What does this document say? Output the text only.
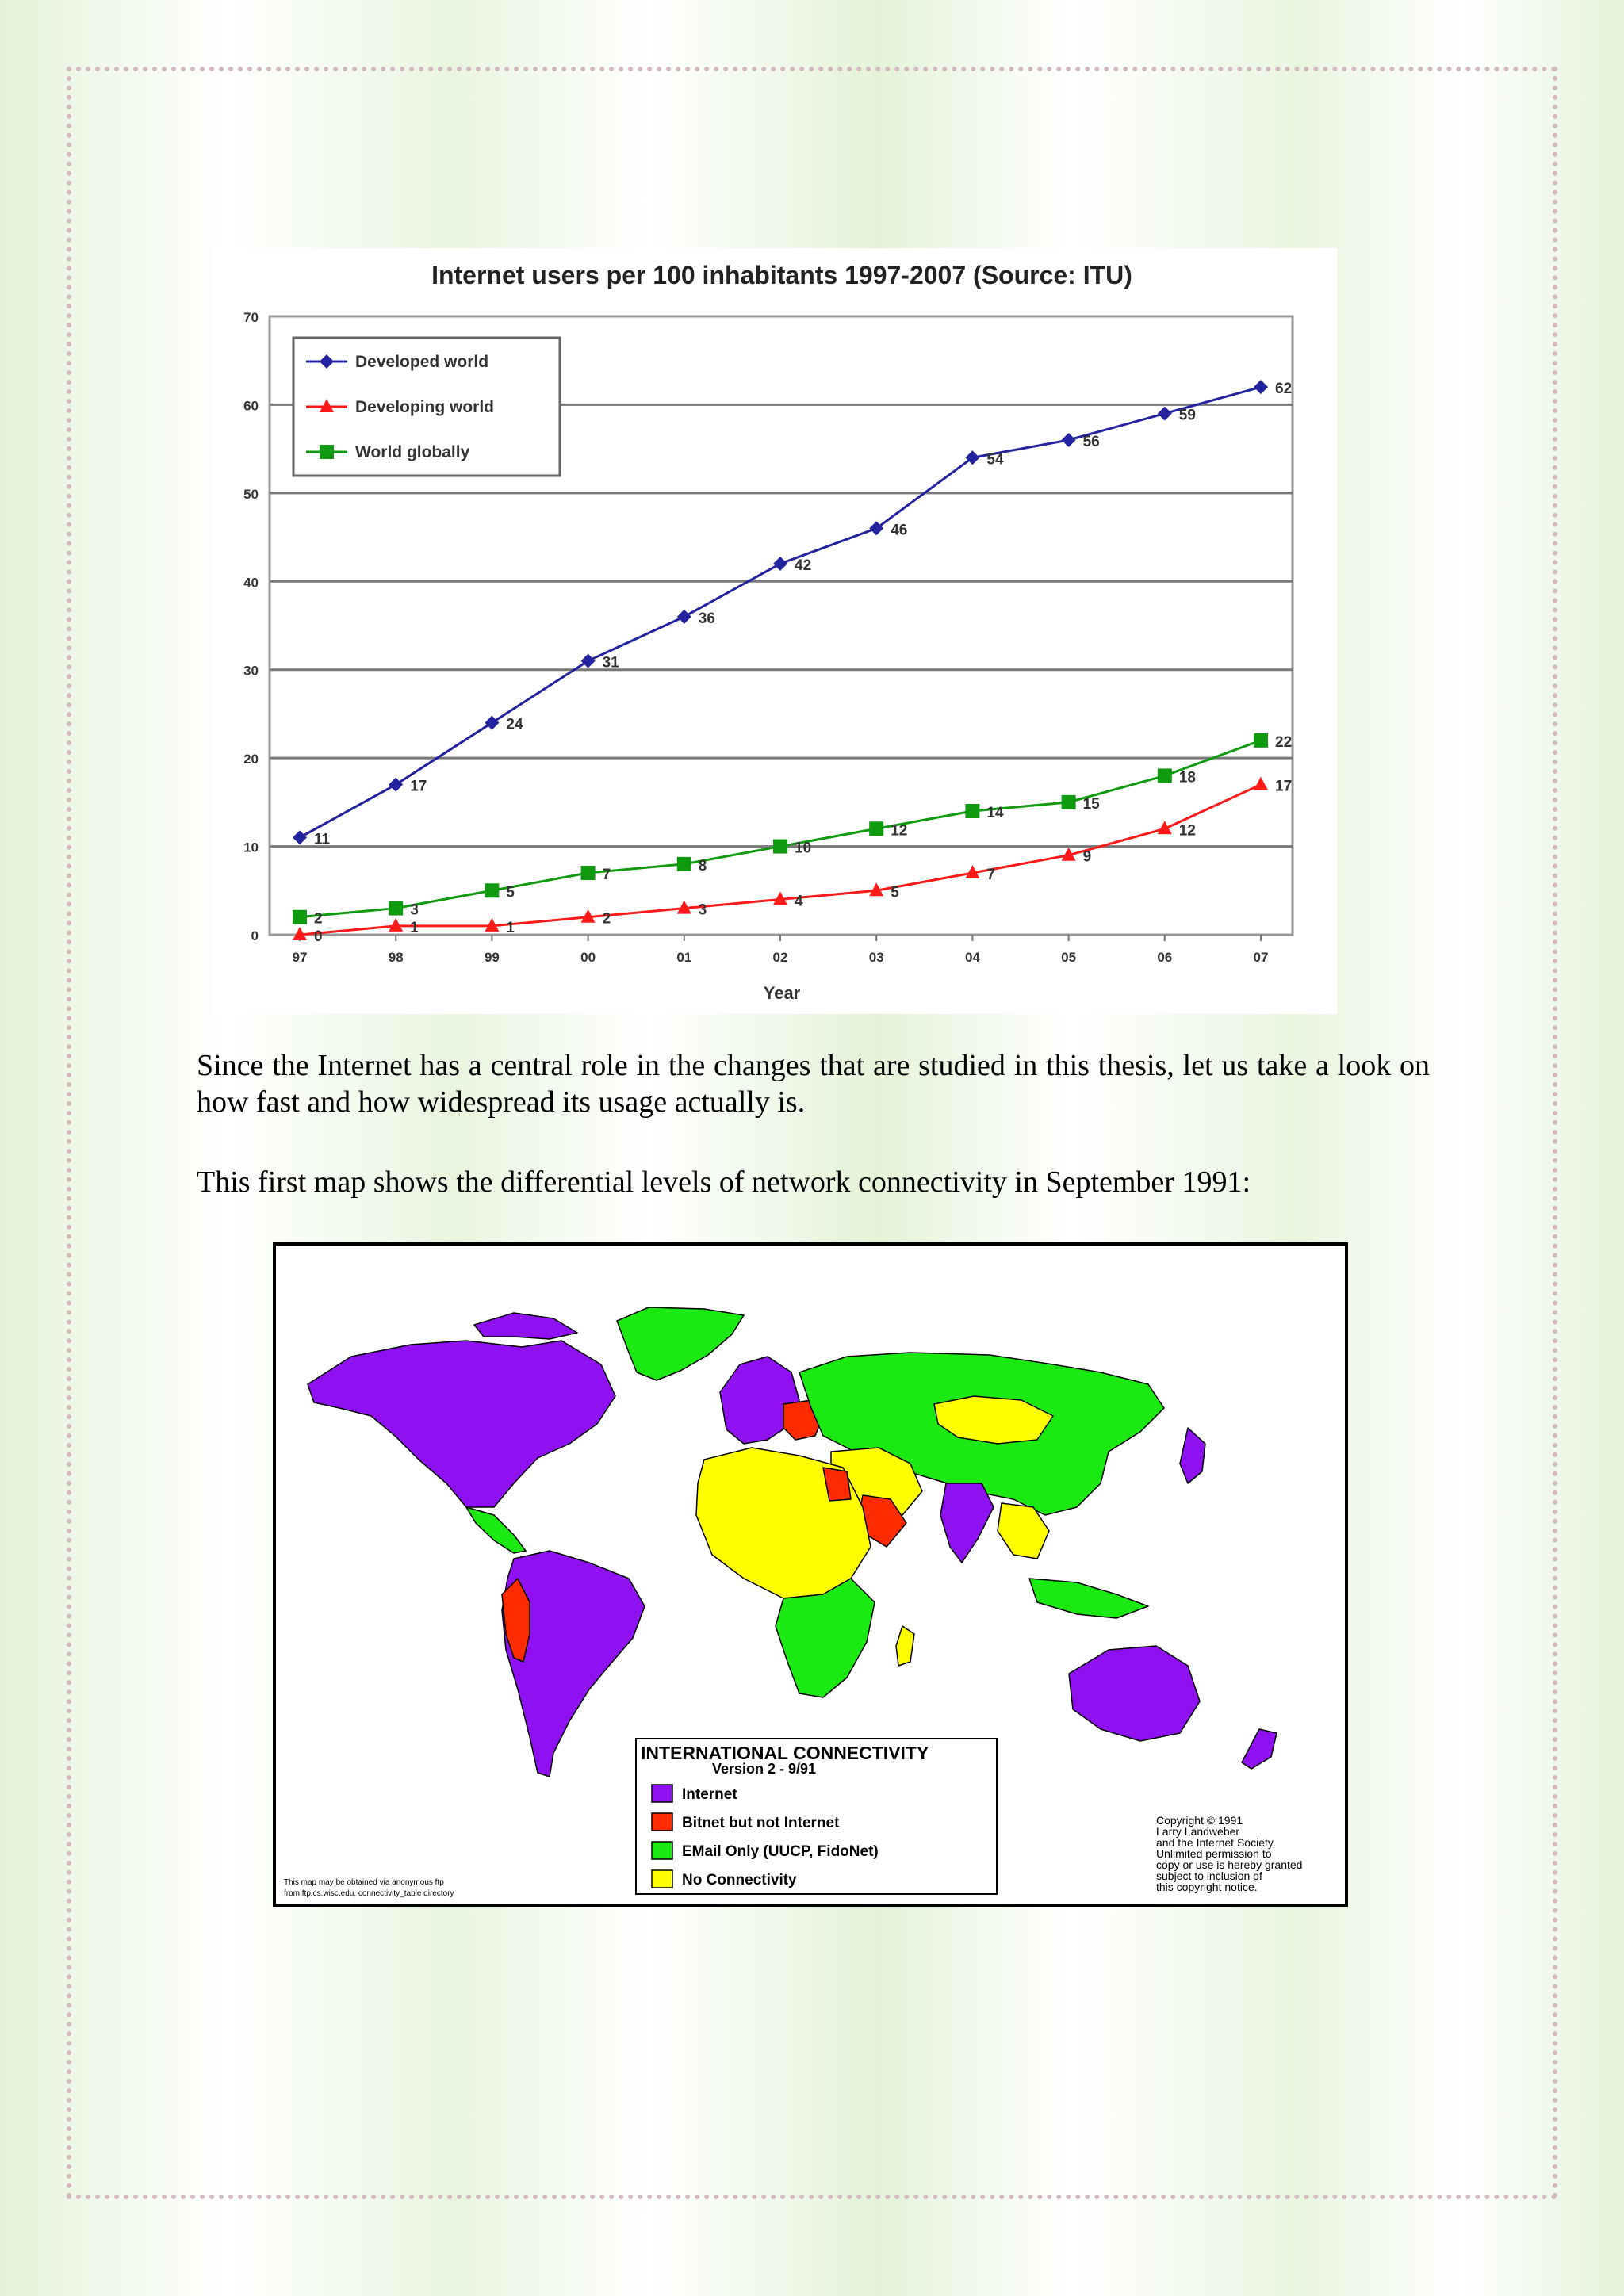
Internet users per 100 inhabitants 1997-2007 (Source: ITU)
0
10
20
30
40
50
60
70
97	98	99	00	01	02	03	04	05	06	07
11
17
24
31
36
42
46
54
56
59
62
0
1	1
2
3
4
5
7
9
12
17
2
3
5
7
8
10
12
14
15
18
22
Developed world
Developing world
World globally
Year

Since the Internet has a central role in the changes that are studied in this thesis, let us take a look on how fast and how widespread its usage actually is.

This first map shows the differential levels of network connectivity in September 1991:

INTERNATIONAL CONNECTIVITY
Version 2 - 9/91
Internet
Bitnet but not Internet
EMail Only (UUCP, FidoNet)
No Connectivity
Copyright © 1991
Larry Landweber
and the Internet Society.
Unlimited permission to
copy or use is hereby granted
subject to inclusion of
this copyright notice.
This map may be obtained via anonymous ftp
from ftp.cs.wisc.edu, connectivity_table directory
